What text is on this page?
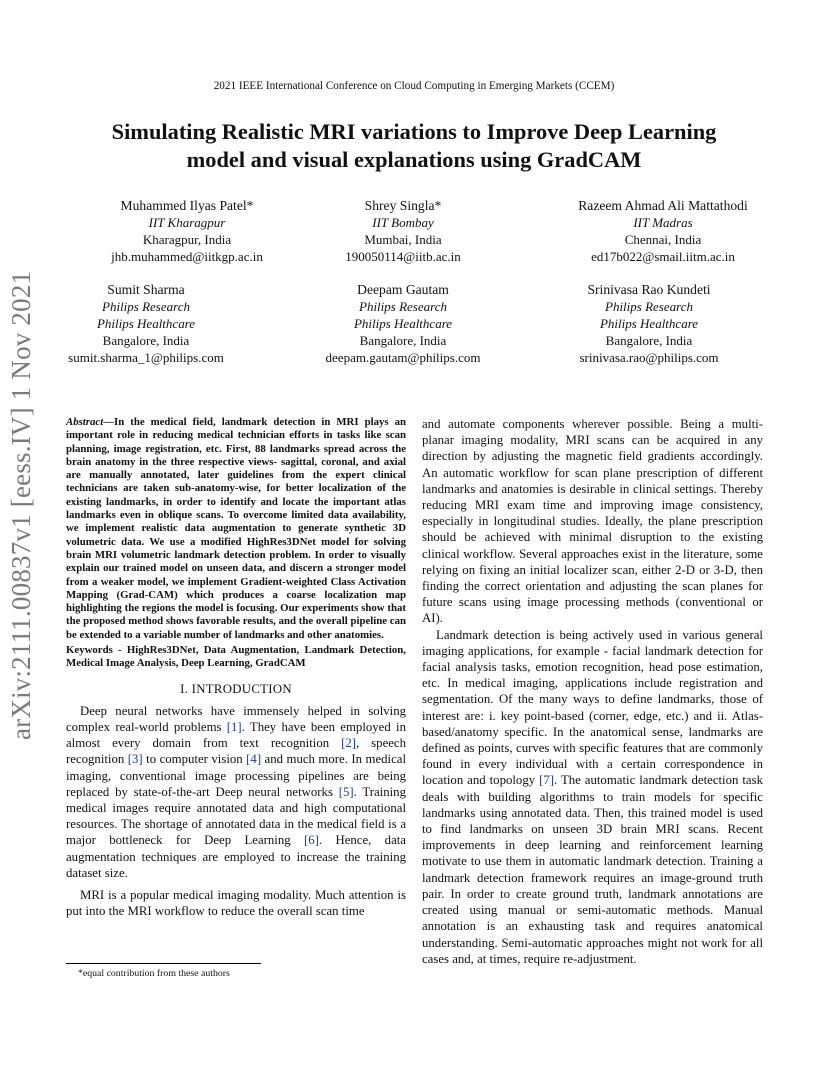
2021 IEEE International Conference on Cloud Computing in Emerging Markets (CCEM)
Simulating Realistic MRI variations to Improve Deep Learning
model and visual explanations using GradCAM
Muhammed Ilyas Patel*
IIT Kharagpur
Kharagpur, India
jhb.muhammed@iitkgp.ac.in
Shrey Singla*
IIT Bombay
Mumbai, India
190050114@iitb.ac.in
Razeem Ahmad Ali Mattathodi
IIT Madras
Chennai, India
ed17b022@smail.iitm.ac.in
Sumit Sharma
Philips Research
Philips Healthcare
Bangalore, India
sumit.sharma_1@philips.com
Deepam Gautam
Philips Research
Philips Healthcare
Bangalore, India
deepam.gautam@philips.com
Srinivasa Rao Kundeti
Philips Research
Philips Healthcare
Bangalore, India
srinivasa.rao@philips.com
arXiv:2111.00837v1 [eess.IV] 1 Nov 2021	Abstract—In the medical field, landmark detection in MRI plays an important role in reducing medical technician efforts in tasks like scan planning, image registration, etc. First, 88 landmarks spread across the brain anatomy in the three respective views- sagittal, coronal, and axial are manually annotated, later guidelines from the expert clinical technicians are taken sub-anatomy-wise, for better localization of the existing landmarks, in order to identify and locate the important atlas landmarks even in oblique scans. To overcome limited data availability, we implement realistic data augmentation to generate synthetic 3D volumetric data. We use a modified HighRes3DNet model for solving brain MRI volumetric landmark detection problem. In order to visually explain our trained model on unseen data, and discern a stronger model from a weaker model, we implement Gradient-weighted Class Activation Mapping (Grad-CAM) which produces a coarse localization map highlighting the regions the model is focusing. Our experiments show that the proposed method shows favorable results, and the overall pipeline can be extended to a variable number of landmarks and other anatomies.
Keywords - HighRes3DNet, Data Augmentation, Landmark Detection, Medical Image Analysis, Deep Learning, GradCAM
I. INTRODUCTION

Deep neural networks have immensely helped in solving complex real-world problems [1]. They have been employed in almost every domain from text recognition [2], speech recognition [3] to computer vision [4] and much more. In medical imaging, conventional image processing pipelines are being replaced by state-of-the-art Deep neural networks [5]. Training medical images require annotated data and high computational resources. The shortage of annotated data in the medical field is a major bottleneck for Deep Learning [6]. Hence, data augmentation techniques are employed to increase the training dataset size.

MRI is a popular medical imaging modality. Much attention is put into the MRI workflow to reduce the overall scan time

and automate components wherever possible. Being a multi-planar imaging modality, MRI scans can be acquired in any direction by adjusting the magnetic field gradients accordingly. An automatic workflow for scan plane prescription of different landmarks and anatomies is desirable in clinical settings. Thereby reducing MRI exam time and improving image consistency, especially in longitudinal studies. Ideally, the plane prescription should be achieved with minimal disruption to the existing clinical workflow. Several approaches exist in the literature, some relying on fixing an initial localizer scan, either 2-D or 3-D, then finding the correct orientation and adjusting the scan planes for future scans using image processing methods (conventional or AI).

Landmark detection is being actively used in various general imaging applications, for example - facial landmark detection for facial analysis tasks, emotion recognition, head pose estimation, etc. In medical imaging, applications include registration and segmentation. Of the many ways to define landmarks, those of interest are: i. key point-based (corner, edge, etc.) and ii. Atlas-based/anatomy specific. In the anatomical sense, landmarks are defined as points, curves with specific features that are commonly found in every individual with a certain correspondence in location and topology [7]. The automatic landmark detection task deals with building algorithms to train models for specific landmarks using annotated data. Then, this trained model is used to find landmarks on unseen 3D brain MRI scans. Recent improvements in deep learning and reinforcement learning motivate to use them in automatic landmark detection. Training a landmark detection framework requires an image-ground truth pair. In order to create ground truth, landmark annotations are created using manual or semi-automatic methods. Manual annotation is an exhausting task and requires anatomical understanding. Semi-automatic approaches might not work for all cases and, at times, require re-adjustment.

*equal contribution from these authors
